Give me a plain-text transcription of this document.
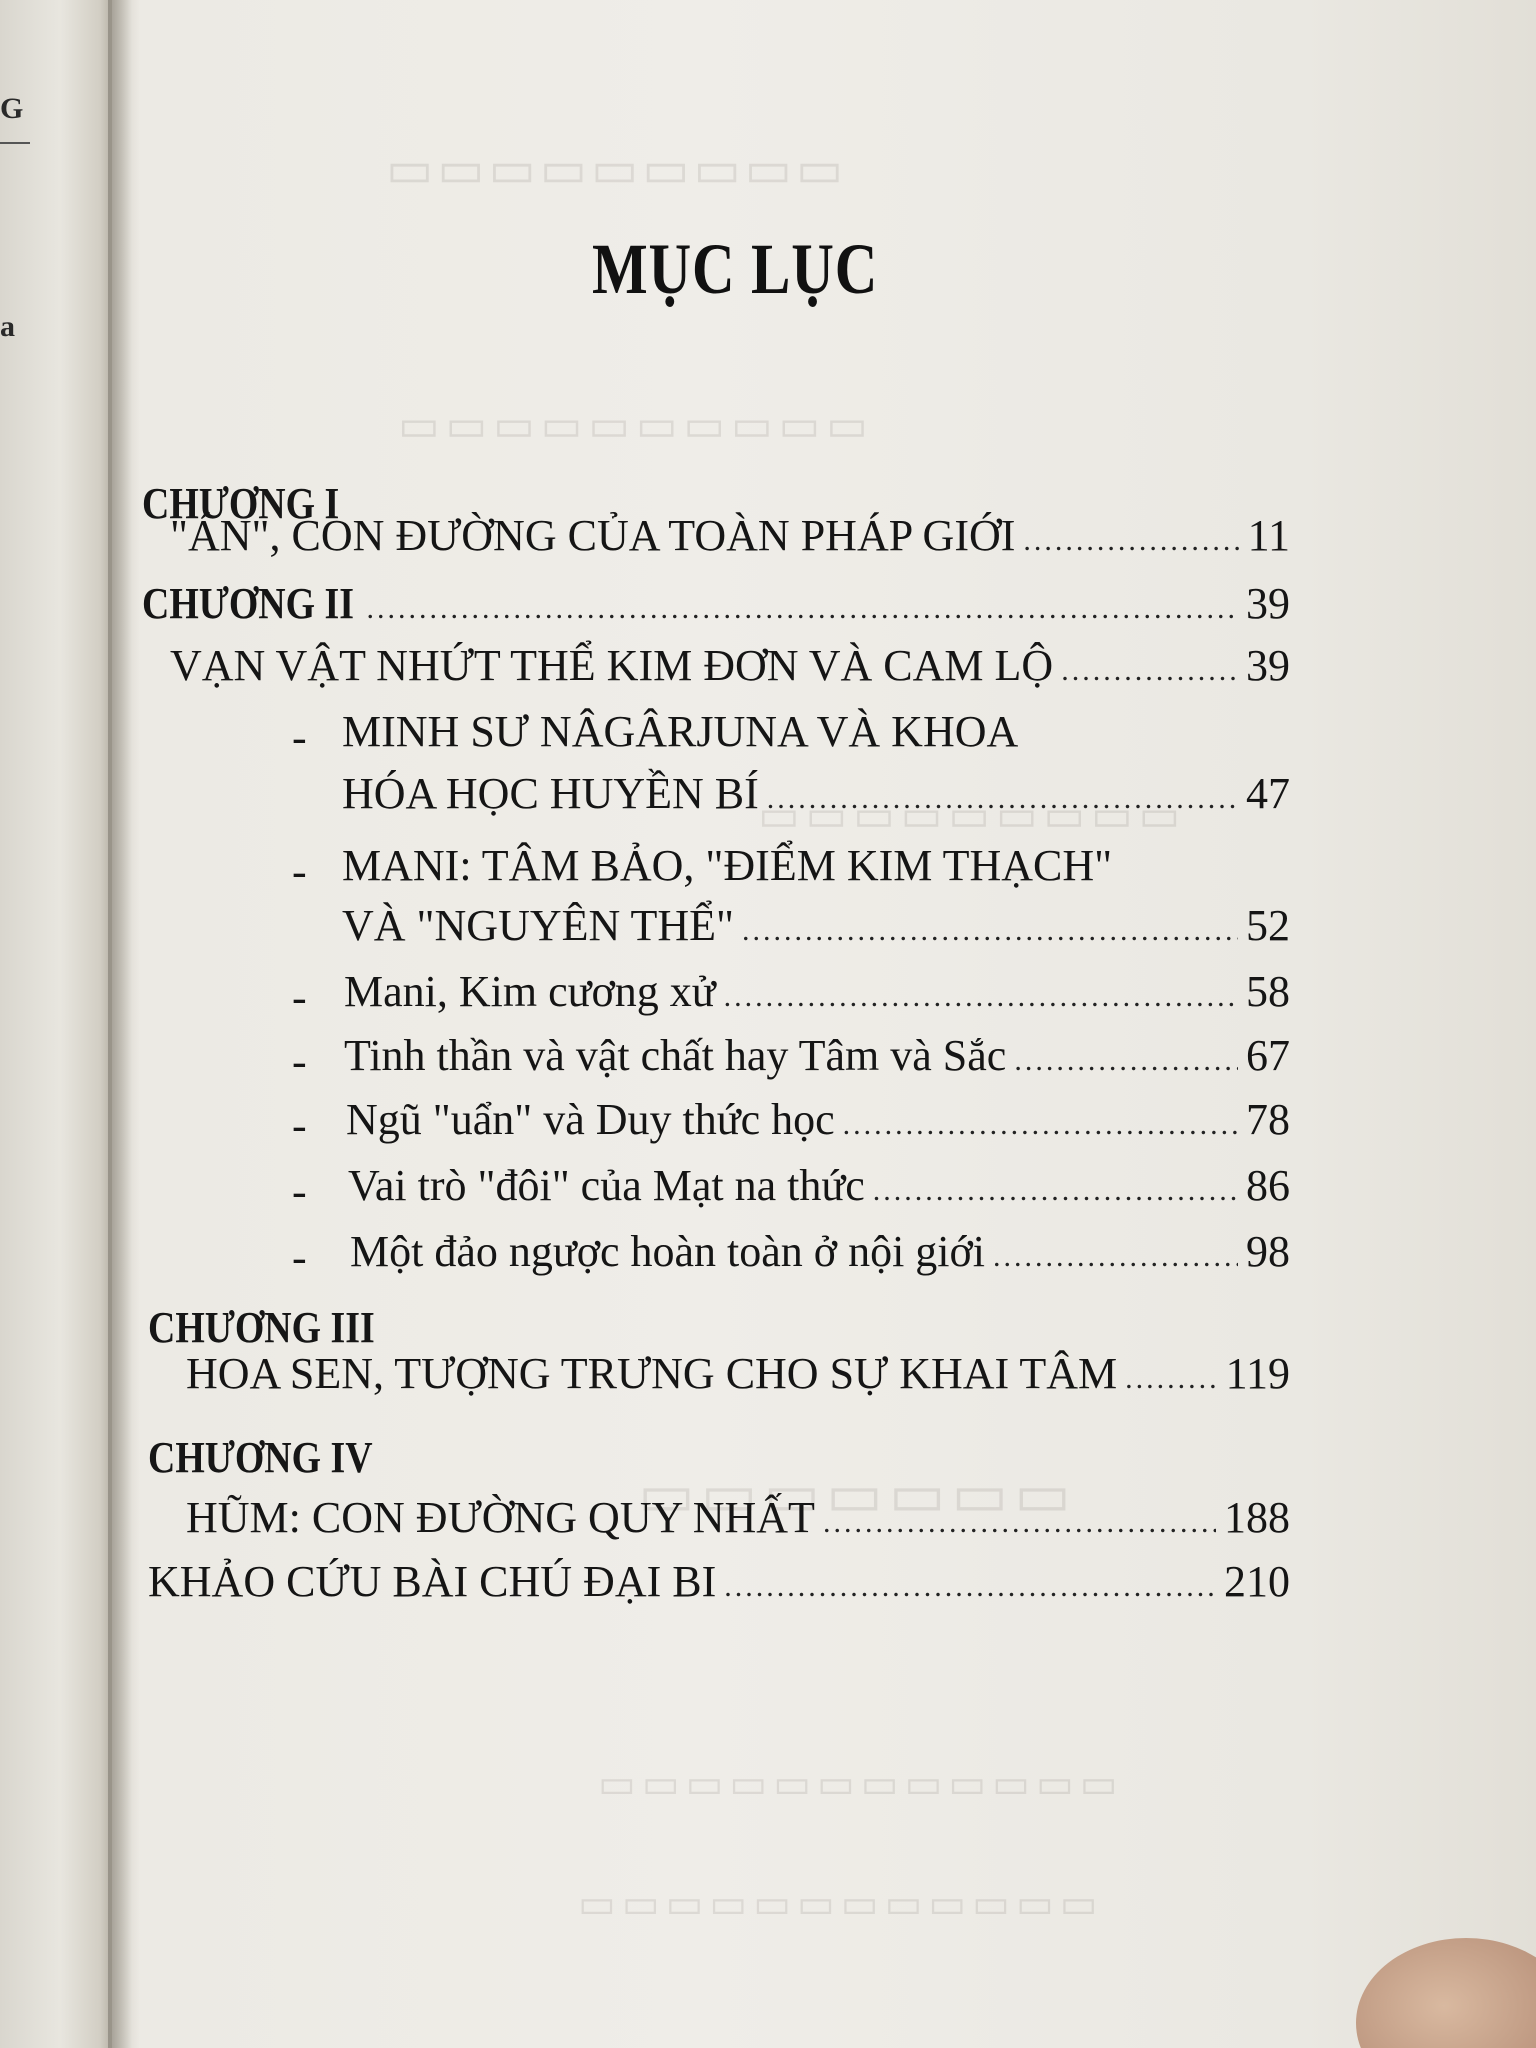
G
a
▭▭▭▭▭▭▭▭▭
▭▭▭▭▭▭▭▭▭▭
▭▭▭▭▭▭▭▭▭
▭▭▭▭▭▭▭
▭▭▭▭▭▭▭▭▭▭▭▭
▭▭▭▭▭▭▭▭▭▭▭▭
MỤC LỤC
CHƯƠNG I
"ÁN", CON ĐƯỜNG CỦA TOÀN PHÁP GIỚI .....	11
CHƯƠNG II .....	39
VẠN VẬT NHỨT THỂ KIM ĐƠN VÀ CAM LỘ .....	39
- MINH SƯ NÂGÂRJUNA VÀ KHOA
HÓA HỌC HUYỀN BÍ .....	47
- MANI: TÂM BẢO, "ĐIỂM KIM THẠCH"
VÀ "NGUYÊN THỂ" .....	52
- Mani, Kim cương xử .....	58
- Tinh thần và vật chất hay Tâm và Sắc .....	67
- Ngũ "uẩn" và Duy thức học .....	78
- Vai trò "đôi" của Mạt na thức .....	86
- Một đảo ngược hoàn toàn ở nội giới .....	98
CHƯƠNG III
HOA SEN, TƯỢNG TRƯNG CHO SỰ KHAI TÂM ..... 119
CHƯƠNG IV
HŨM: CON ĐƯỜNG QUY NHẤT .....	188
KHẢO CỨU BÀI CHÚ ĐẠI BI .....	210
